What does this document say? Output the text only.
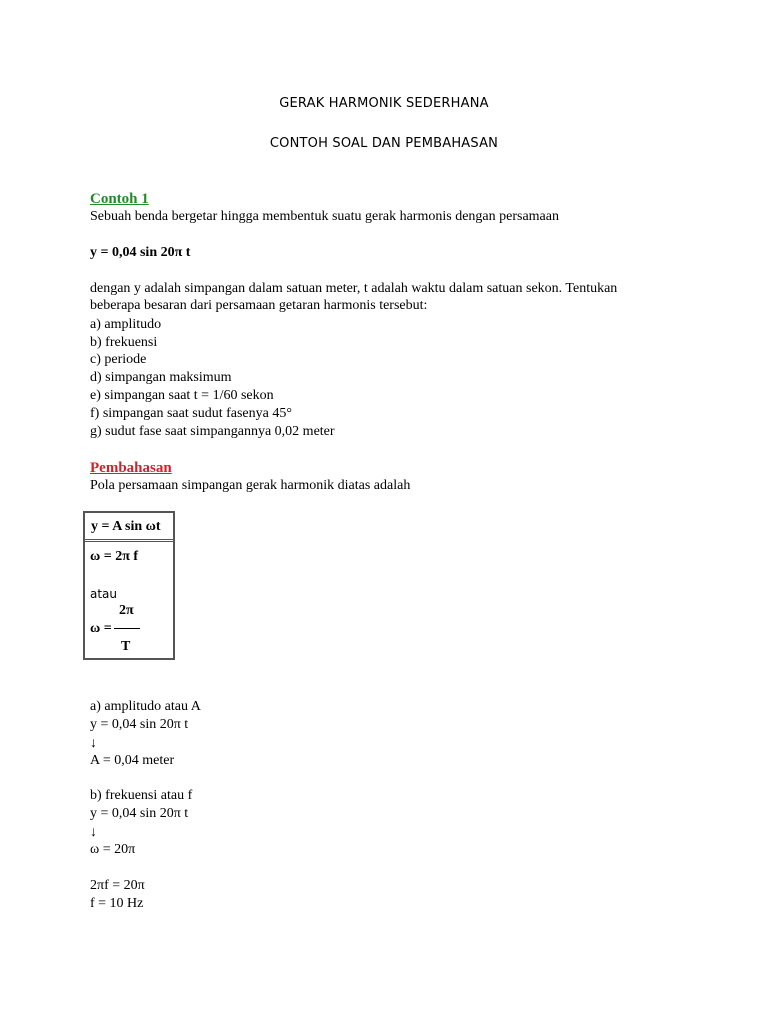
GERAK HARMONIK SEDERHANA
CONTOH SOAL DAN PEMBAHASAN
Contoh 1
Sebuah benda bergetar hingga membentuk suatu gerak harmonis dengan persamaan
y = 0,04 sin 20π t
dengan y adalah simpangan dalam satuan meter, t adalah waktu dalam satuan sekon. Tentukan
beberapa besaran dari persamaan getaran harmonis tersebut:
a) amplitudo
b) frekuensi
c) periode
d) simpangan maksimum
e) simpangan saat t = 1/60 sekon
f) simpangan saat sudut fasenya 45°
g) sudut fase saat simpangannya 0,02 meter
Pembahasan
Pola persamaan simpangan gerak harmonik diatas adalah
y = A sin ωt
ω = 2π f
atau
2π
ω =
T
a) amplitudo atau A
y = 0,04 sin 20π t
↓
A = 0,04 meter
b) frekuensi atau f
y = 0,04 sin 20π t
↓
ω = 20π
2πf = 20π
f = 10 Hz
